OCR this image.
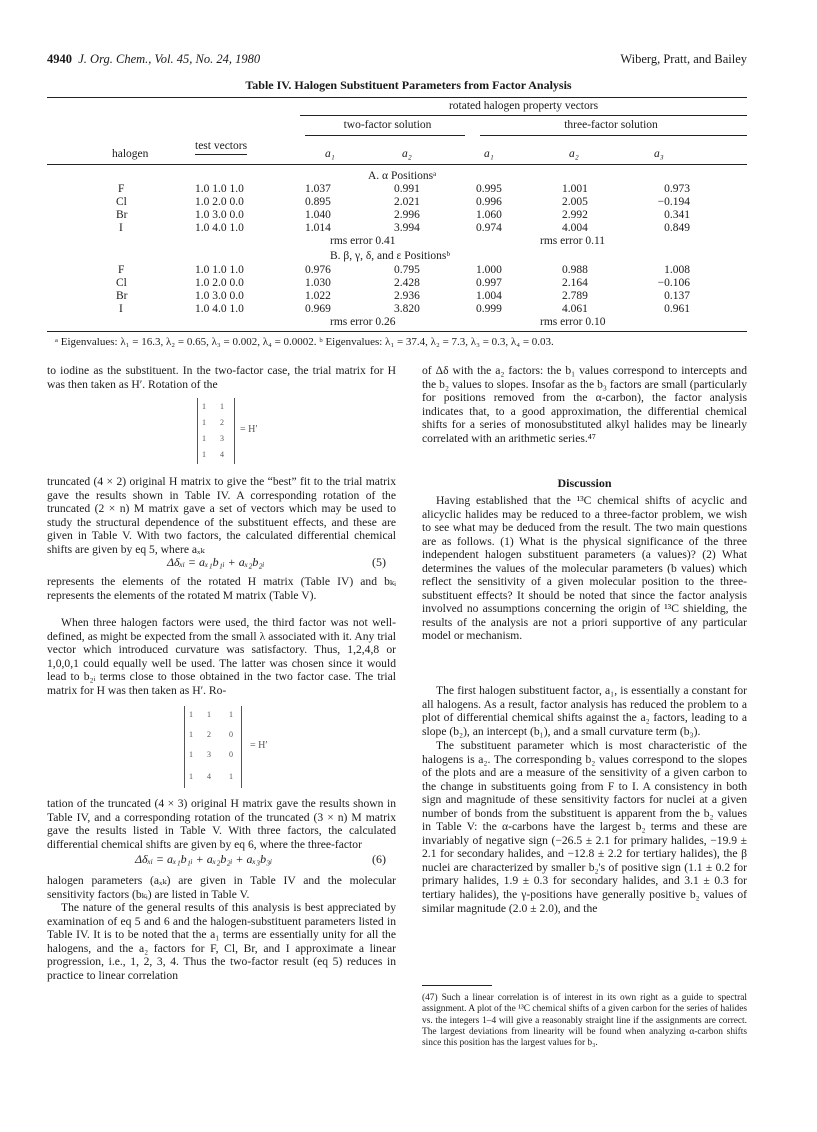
4940 J. Org. Chem., Vol. 45, No. 24, 1980	Wiberg, Pratt, and Bailey
Table IV. Halogen Substituent Parameters from Factor Analysis
rotated halogen property vectors
two-factor solution	three-factor solution
test vectors
halogen	a₁	a₂	a₁	a₂	a₃
A. α Positionsᵃ
F	1.0 1.0 1.0	1.037	0.991	0.995	1.001	0.973
Cl	1.0 2.0 0.0	0.895	2.021	0.996	2.005	−0.194
Br	1.0 3.0 0.0	1.040	2.996	1.060	2.992	0.341
I	1.0 4.0 1.0	1.014	3.994	0.974	4.004	0.849
rms error 0.41	rms error 0.11
B. β, γ, δ, and ε Positionsᵇ
F	1.0 1.0 1.0	0.976	0.795	1.000	0.988	1.008
Cl	1.0 2.0 0.0	1.030	2.428	0.997	2.164	−0.106
Br	1.0 3.0 0.0	1.022	2.936	1.004	2.789	0.137
I	1.0 4.0 1.0	0.969	3.820	0.999	4.061	0.961
rms error 0.26	rms error 0.10
ᵃ Eigenvalues: λ₁ = 16.3, λ₂ = 0.65, λ₃ = 0.002, λ₄ = 0.0002. ᵇ Eigenvalues: λ₁ = 37.4, λ₂ = 7.3, λ₃ = 0.3, λ₄ = 0.03.
to iodine as the substituent. In the two-factor case, the trial matrix for H was then taken as H′. Rotation of the
1 1
1 2
1 3
1 4
= H′
truncated (4 × 2) original H matrix to give the “best” fit to the trial matrix gave the results shown in Table IV. A corresponding rotation of the truncated (2 × n) M matrix gave a set of vectors which may be used to study the structural dependence of the substituent effects, and these are given in Table V. With two factors, the calculated differential chemical shifts are given by eq 5, where aₓₖ
Δδₓᵢ = aₓ₁b₁ᵢ + aₓ₂b₂ᵢ	(5)
represents the elements of the rotated H matrix (Table IV) and bₖᵢ represents the elements of the rotated M matrix (Table V).
When three halogen factors were used, the third factor was not well-defined, as might be expected from the small λ associated with it. Any trial vector which introduced curvature was satisfactory. Thus, 1,2,4,8 or 1,0,0,1 could equally well be used. The latter was chosen since it would lead to b₂ᵢ terms close to those obtained in the two factor case. The trial matrix for H was then taken as H′. Ro-
1 1 1
1 2 0
1 3 0
1 4 1
= H′
tation of the truncated (4 × 3) original H matrix gave the results shown in Table IV, and a corresponding rotation of the truncated (3 × n) M matrix gave the results listed in Table V. With three factors, the calculated differential chemical shifts are given by eq 6, where the three-factor
Δδₓᵢ = aₓ₁b₁ᵢ + aₓ₂b₂ᵢ + aₓ₃b₃ᵢ	(6)
halogen parameters (aₓₖ) are given in Table IV and the molecular sensitivity factors (bₖᵢ) are listed in Table V.
The nature of the general results of this analysis is best appreciated by examination of eq 5 and 6 and the halogen-substituent parameters listed in Table IV. It is to be noted that the a₁ terms are essentially unity for all the halogens, and the a₂ factors for F, Cl, Br, and I approximate a linear progression, i.e., 1, 2, 3, 4. Thus the two-factor result (eq 5) reduces in practice to linear correlation
of Δδ with the a₂ factors: the b₁ values correspond to intercepts and the b₂ values to slopes. Insofar as the b₃ factors are small (particularly for positions removed from the α-carbon), the factor analysis indicates that, to a good approximation, the differential chemical shifts for a series of monosubstituted alkyl halides may be linearly correlated with an arithmetic series.⁴⁷
Discussion
Having established that the ¹³C chemical shifts of acyclic and alicyclic halides may be reduced to a three-factor problem, we wish to see what may be deduced from the result. The two main questions are as follows. (1) What is the physical significance of the three independent halogen substituent parameters (a values)? (2) What determines the values of the molecular parameters (b values) which reflect the sensitivity of a given molecular position to the three-substituent effects? It should be noted that since the factor analysis involved no assumptions concerning the origin of ¹³C shielding, the results of the analysis are not a priori supportive of any particular model or mechanism.
The first halogen substituent factor, a₁, is essentially a constant for all halogens. As a result, factor analysis has reduced the problem to a plot of differential chemical shifts against the a₂ factors, leading to a slope (b₂), an intercept (b₁), and a small curvature term (b₃).
The substituent parameter which is most characteristic of the halogens is a₂. The corresponding b₂ values correspond to the slopes of the plots and are a measure of the sensitivity of a given carbon to the change in substituents going from F to I. A consistency in both sign and magnitude of these sensitivity factors for nuclei at a given number of bonds from the substituent is apparent from the b₂ values in Table V: the α-carbons have the largest b₂ terms and these are invariably of negative sign (−26.5 ± 2.1 for primary halides, −19.9 ± 2.1 for secondary halides, and −12.8 ± 2.2 for tertiary halides), the β nuclei are characterized by smaller b₂'s of positive sign (1.1 ± 0.2 for primary halides, 1.9 ± 0.3 for secondary halides, and 3.1 ± 0.3 for tertiary halides), the γ-positions have generally positive b₂ values of similar magnitude (2.0 ± 2.0), and the
(47) Such a linear correlation is of interest in its own right as a guide to spectral assignment. A plot of the ¹³C chemical shifts of a given carbon for the series of halides vs. the integers 1–4 will give a reasonably straight line if the assignments are correct. The largest deviations from linearity will be found when analyzing α-carbon shifts since this position has the largest values for b₃.
